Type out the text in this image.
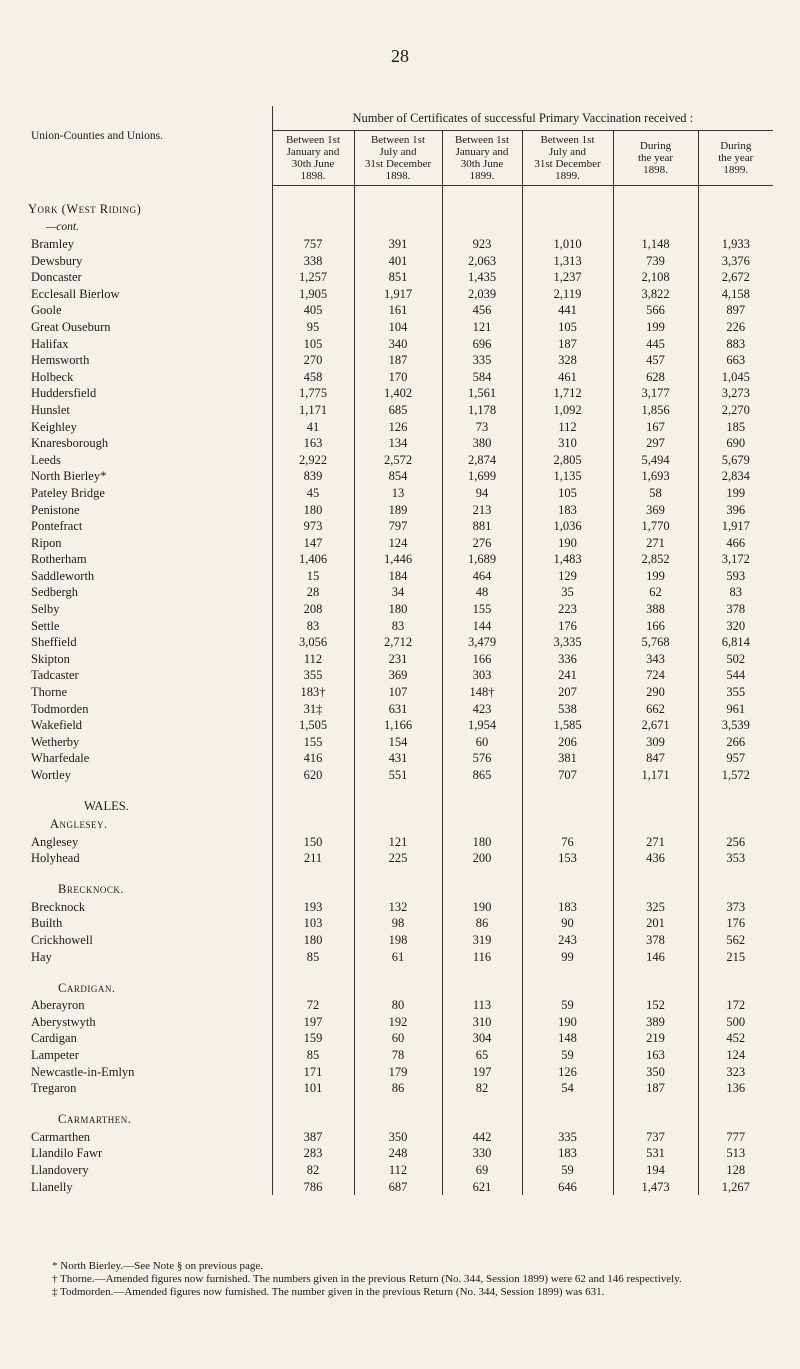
28
Union-Counties and Unions.	Number of Certificates of successful Primary Vaccination received :					
	Between 1st
January and
30th June
1898.	Between 1st
July and
31st December
1898.	Between 1st
January and
30th June
1899.	Between 1st
July and
31st December
1899.	During
the year
1898.	During
the year
1899.

York (West Riding)						
—cont.						
Bramley	757	391	923	1,010	1,148	1,933
Dewsbury	338	401	2,063	1,313	739	3,376
Doncaster	1,257	851	1,435	1,237	2,108	2,672
Ecclesall Bierlow	1,905	1,917	2,039	2,119	3,822	4,158
Goole	405	161	456	441	566	897
Great Ouseburn	95	104	121	105	199	226
Halifax	105	340	696	187	445	883
Hemsworth	270	187	335	328	457	663
Holbeck	458	170	584	461	628	1,045
Huddersfield	1,775	1,402	1,561	1,712	3,177	3,273
Hunslet	1,171	685	1,178	1,092	1,856	2,270
Keighley	41	126	73	112	167	185
Knaresborough	163	134	380	310	297	690
Leeds	2,922	2,572	2,874	2,805	5,494	5,679
North Bierley*	839	854	1,699	1,135	1,693	2,834
Pateley Bridge	45	13	94	105	58	199
Penistone	180	189	213	183	369	396
Pontefract	973	797	881	1,036	1,770	1,917
Ripon	147	124	276	190	271	466
Rotherham	1,406	1,446	1,689	1,483	2,852	3,172
Saddleworth	15	184	464	129	199	593
Sedbergh	28	34	48	35	62	83
Selby	208	180	155	223	388	378
Settle	83	83	144	176	166	320
Sheffield	3,056	2,712	3,479	3,335	5,768	6,814
Skipton	112	231	166	336	343	502
Tadcaster	355	369	303	241	724	544
Thorne	183†	107	148†	207	290	355
Todmorden	31‡	631	423	538	662	961
Wakefield	1,505	1,166	1,954	1,585	2,671	3,539
Wetherby	155	154	60	206	309	266
Wharfedale	416	431	576	381	847	957
Wortley	620	551	865	707	1,171	1,572

WALES.						
Anglesey.						
Anglesey	150	121	180	76	271	256
Holyhead	211	225	200	153	436	353

Brecknock.						
Brecknock	193	132	190	183	325	373
Builth	103	98	86	90	201	176
Crickhowell	180	198	319	243	378	562
Hay	85	61	116	99	146	215

Cardigan.						
Aberayron	72	80	113	59	152	172
Aberystwyth	197	192	310	190	389	500
Cardigan	159	60	304	148	219	452
Lampeter	85	78	65	59	163	124
Newcastle-in-Emlyn	171	179	197	126	350	323
Tregaron	101	86	82	54	187	136

Carmarthen.						
Carmarthen	387	350	442	335	737	777
Llandilo Fawr	283	248	330	183	531	513
Llandovery	82	112	69	59	194	128
Llanelly	786	687	621	646	1,473	1,267

* North Bierley.—See Note § on previous page.

† Thorne.—Amended figures now furnished. The numbers given in the previous Return (No. 344, Session 1899) were 62 and 146 respectively.

‡ Todmorden.—Amended figures now furnished. The number given in the previous Return (No. 344, Session 1899) was 631.
